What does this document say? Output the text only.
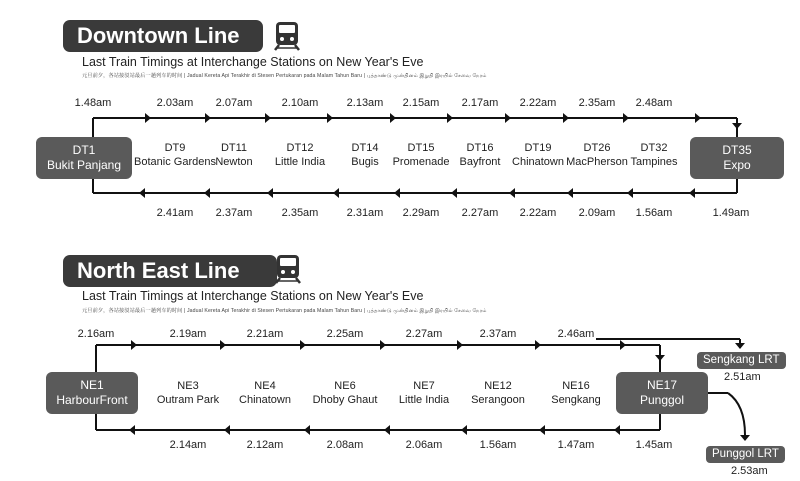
Downtown Line
Last Train Timings at Interchange Stations on New Year's Eve
元旦前夕，各站接驳站最后一趟列车的时间 | Jadual Kereta Api Terakhir di Stesen Pertukaran pada Malam Tahun Baru | புத்தாண்டு முன்தினம் இறுதி இரயில் சேவை நேரம்
1.48am	2.03am 2.07am	2.10am	2.13am 2.15am 2.17am 2.22am 2.35am 2.48am
2.41am 2.37am	2.35am	2.31am 2.29am 2.27am 2.22am 2.09am 1.56am	1.49am
DT9
Botanic Gardens
DT11
Newton
DT12
Little India
DT14
Bugis
DT15
Promenade
DT16
Bayfront
DT19
Chinatown
DT26
MacPherson
DT32
Tampines
DT1
Bukit Panjang
DT35
Expo
North East Line
Last Train Timings at Interchange Stations on New Year's Eve
元旦前夕，各站接驳站最后一趟列车的时间 | Jadual Kereta Api Terakhir di Stesen Pertukaran pada Malam Tahun Baru | புத்தாண்டு முன்தினம் இறுதி இரயில் சேவை நேரம்
2.16am	2.19am	2.21am	2.25am	2.27am	2.37am	2.46am
2.14am	2.12am	2.08am	2.06am	1.56am	1.47am	1.45am
NE3
Outram Park
NE4
Chinatown
NE6
Dhoby Ghaut
NE7
Little India
NE12
Serangoon
NE16
Sengkang
NE1
HarbourFront
NE17
Punggol
Sengkang LRT
2.51am
Punggol LRT
2.53am
